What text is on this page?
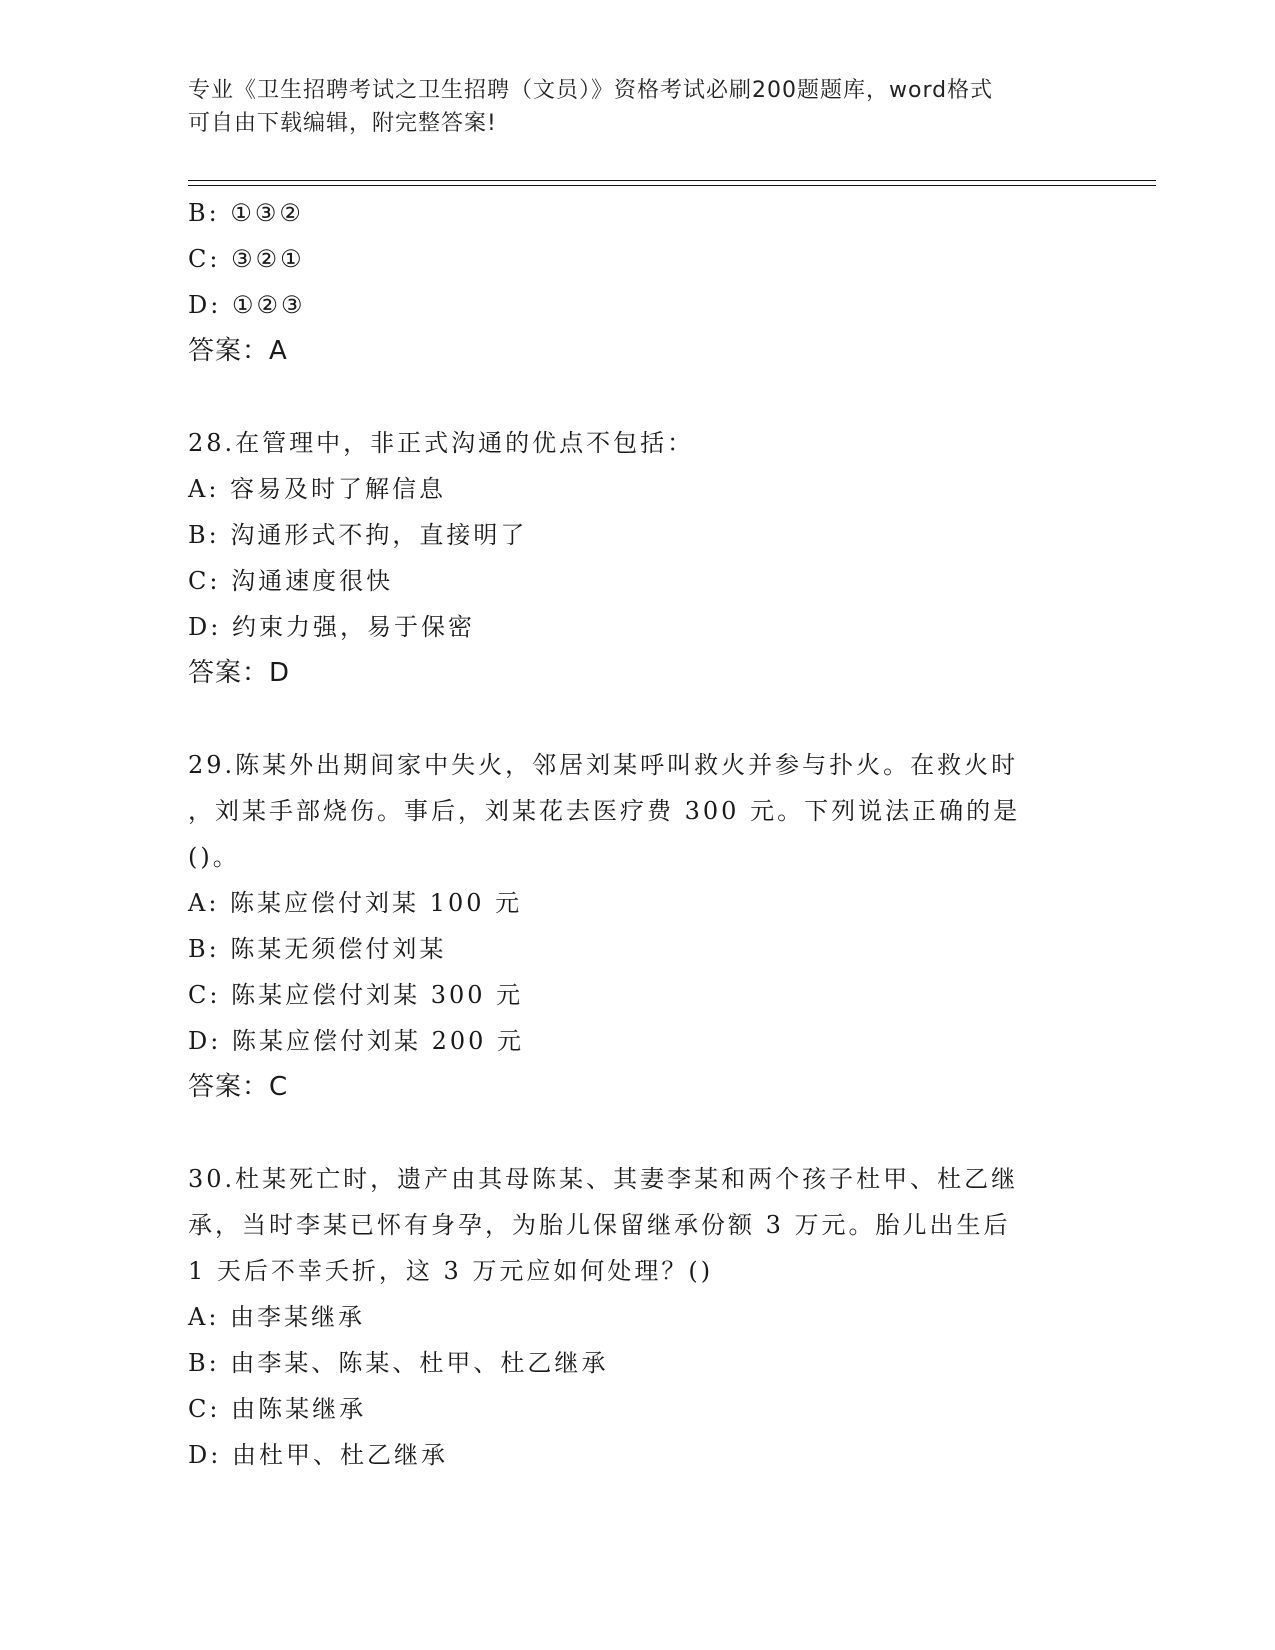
专业《卫生招聘考试之卫生招聘（文员）》资格考试必刷200题题库，word格式
可自由下载编辑，附完整答案!
B: ①③②
C: ③②①
D: ①②③
答案：A
28.在管理中，非正式沟通的优点不包括：
A: 容易及时了解信息
B: 沟通形式不拘，直接明了
C: 沟通速度很快
D: 约束力强，易于保密
答案：D
29.陈某外出期间家中失火，邻居刘某呼叫救火并参与扑火。在救火时
，刘某手部烧伤。事后，刘某花去医疗费 300 元。下列说法正确的是
()。
A: 陈某应偿付刘某 100 元
B: 陈某无须偿付刘某
C: 陈某应偿付刘某 300 元
D: 陈某应偿付刘某 200 元
答案：C
30.杜某死亡时，遗产由其母陈某、其妻李某和两个孩子杜甲、杜乙继
承，当时李某已怀有身孕，为胎儿保留继承份额 3 万元。胎儿出生后
1 天后不幸夭折，这 3 万元应如何处理？()
A: 由李某继承
B: 由李某、陈某、杜甲、杜乙继承
C: 由陈某继承
D: 由杜甲、杜乙继承
